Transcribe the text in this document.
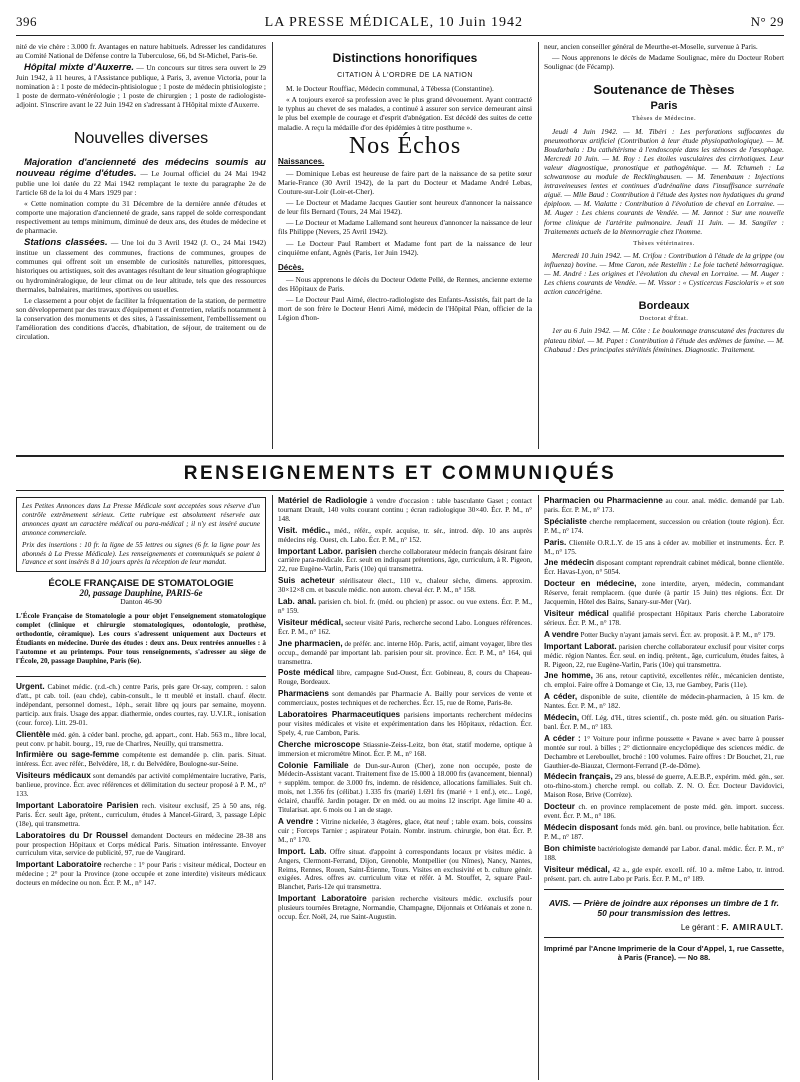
396	LA PRESSE MÉDICALE, 10 Juin 1942	N° 29

nité de vie chère : 3.000 fr. Avantages en nature habituels. Adresser les candidatures au Comité National de Défense contre la Tuberculose, 66, bd St-Michel, Paris-6e.

Hôpital mixte d'Auxerre. — Un concours sur titres sera ouvert le 29 Juin 1942, à 11 heures, à l'Assistance publique, à Paris, 3, avenue Victoria, pour la nomination à : 1 poste de médecin-phtisiologue ; 1 poste de médecin phtisiologiste ; 1 poste de dermato-vénéréologie ; 1 poste de chirurgien ; 1 poste de radiologiste-adjoint. S'inscrire avant le 22 Juin 1942 en s'adressant à l'Hôpital mixte d'Auxerre.

Nouvelles diverses

Majoration d'ancienneté des médecins soumis au nouveau régime d'études. — Le Journal officiel du 24 Mai 1942 publie une loi datée du 22 Mai 1942 remplaçant le texte du paragraphe 2e de l'article 68 de la loi du 4 Mars 1929 par :

« Cette nomination compte du 31 Décembre de la dernière année d'études et comporte une majoration d'ancienneté de grade, sans rappel de solde correspondant respectivement au temps minimum, diminué de deux ans, des études de médecine et de pharmacie.

Stations classées. — Une loi du 3 Avril 1942 (J. O., 24 Mai 1942) institue un classement des communes, fractions de communes, groupes de communes qui offrent soit un ensemble de curiosités naturelles, pittoresques, historiques ou artistiques, soit des avantages résultant de leur situation géographique ou hydrominéralogique, de leur climat ou de leur altitude, tels que des ressources thermales, balnéaires, maritimes, sportives ou usuelles.

Le classement a pour objet de faciliter la fréquentation de la station, de permettre son développement par des travaux d'équipement et d'entretien, relatifs notamment à la conservation des monuments et des sites, à l'assainissement, l'embellissement ou l'amélioration des conditions d'accès, d'habitation, de séjour, de traitement ou de circulation.

Distinctions honorifiques
CITATION À L'ORDRE DE LA NATION

M. le Docteur Rouffiac, Médecin communal, à Tébessa (Constantine).

« A toujours exercé sa profession avec le plus grand dévouement. Ayant contracté le typhus au chevet de ses malades, a continué à assurer son service demeurant ainsi le plus bel exemple de courage et d'esprit d'abnégation. Est décédé des suites de cette maladie. A reçu la médaille d'or des épidémies à titre posthume ».

Nos Échos
Naissances.

— Dominique Lebas est heureuse de faire part de la naissance de sa petite sœur Marie-France (30 Avril 1942), de la part du Docteur et Madame André Lebas, Couture-sur-Loir (Loir-et-Cher).

— Le Docteur et Madame Jacques Gautier sont heureux d'annoncer la naissance de leur fils Bernard (Tours, 24 Mai 1942).

— Le Docteur et Madame Lallemand sont heureux d'annoncer la naissance de leur fils Philippe (Nevers, 25 Avril 1942).

— Le Docteur Paul Rambert et Madame font part de la naissance de leur cinquième enfant, Agnès (Paris, 1er Juin 1942).

Décès.

— Nous apprenons le décès du Docteur Odette Pellé, de Rennes, ancienne externe des Hôpitaux de Paris.

— Le Docteur Paul Aimé, électro-radiologiste des Enfants-Assistés, fait part de la mort de son frère le Docteur Henri Aimé, médecin de l'Hôpital Péan, officier de la Légion d'hon-

neur, ancien conseiller général de Meurthe-et-Moselle, survenue à Paris.

— Nous apprenons le décès de Madame Soulignac, mère du Docteur Robert Soulignac (de Fécamp).

Soutenance de Thèses
Paris
Thèses de Médecine.

Jeudi 4 Juin 1942. — M. Tibéri : Les perforations suffocantes du pneumothorax artificiel (Contribution à leur étude physiopathologique). — M. Boudarbala : Du cathétérisme à l'endoscopie dans les sténoses de l'œsophage. Mercredi 10 Juin. — M. Roy : Les étoiles vasculaires des cirrhotiques. Leur valeur diagnostique, pronostique et pathogénique. — M. Tchumeh : La schwannose au module de Recklinghausen. — M. Tenenbaum : Injections intraveineuses lentes et continues d'adrénaline dans l'insuffisance surrénale aiguë. — Mlle Baud : Contribution à l'étude des kystes non hydatiques du grand épiploon. — M. Vialatte : Contribution à l'évolution de cheval en Lorraine. — M. Auger : Les chiens courants de Vendée. — M. Jannot : Sur une nouvelle forme clinique de l'artérite pulmonaire. Jeudi 11 Juin. — M. Sangiler : Traitements actuels de la blennorragie chez l'homme.

Thèses vétérinaires.

Mercredi 10 Juin 1942. — M. Crifou : Contribution à l'étude de la grippe (ou influenza) bovine. — Mme Caron, née Restellin : Le foie tacheté hémorragique. — M. André : Les origines et l'évolution du cheval en Lorraine. — M. Auger : Les chiens courants de Vendée. — M. Vissor : « Cysticercus Fasciolaris » et son action cancérigène.

Bordeaux
Doctorat d'État.

1er au 6 Juin 1942. — M. Côte : Le boulonnage transcutané des fractures du plateau tibial. — M. Papet : Contribution à l'étude des œdèmes de famine. — M. Chabaud : Des principales stérilités féminines. Diagnostic. Traitement.

RENSEIGNEMENTS ET COMMUNIQUÉS

Les Petites Annonces dans La Presse Médicale sont acceptées sous réserve d'un contrôle extrêmement sérieux. Cette rubrique est absolument réservée aux annonces ayant un caractère médical ou para-médical ; il n'y est inséré aucune annonce commerciale.

Prix des insertions : 10 fr. la ligne de 55 lettres ou signes (6 fr. la ligne pour les abonnés à La Presse Médicale). Les renseignements et communiqués se paient à l'avance et sont insérés 8 à 10 jours après la réception de leur mandat.

ÉCOLE FRANÇAISE DE STOMATOLOGIE
20, passage Dauphine, PARIS-6e
Danton 46-90

L'École Française de Stomatologie a pour objet l'enseignement stomatologique complet (clinique et chirurgie stomatologiques, odontologie, prothèse, orthodontie, céramique). Les cours s'adressent uniquement aux Docteurs et Étudiants en médecine. Durée des études : deux ans. Deux rentrées annuelles : à l'automne et au printemps. Pour tous renseignements, s'adresser au siège de l'École, 20, passage Dauphine, Paris (6e).

Urgent. Cabinet médic. (r.d.-ch.) centre Paris, près gare Or-say, compren. : salon d'att., pt cab. toil. (eau chde), cabin-consult., le tt meublé et install. chauf. électr. indépendant, personnel domest., 1éph., serait libre qq jours par semaine, moyenn. particip. aux frais. Usage des appar. diathermie, ondes courtes, ray. U.V.I.R., ionisation (cour. force). Litt. 29-01.

Clientèle méd. gén. à céder banl. proche, gd. appart., cont. Hab. 563 m., libre local, peut conv. pr habit. bourg., 19, rue de Charlres, Neuilly, qui transmettra.

Infirmière ou sage-femme compétente est demandée p. clin. paris. Situat. intéress. Écr. avec référ., Belvédère, 18, r. du Belvédère, Boulogne-sur-Seine.

Visiteurs médicaux sont demandés par activité complémentaire lucrative, Paris, banlieue, province. Écr. avec références et délimitation du secteur proposé à P. M., n° 133.

Important Laboratoire Parisien rech. visiteur exclusif, 25 à 50 ans, rég. Paris. Écr. seult âge, prétent., curriculum, études à Mancel-Girard, 3, passage Lépic (18e), qui transmettra.

Laboratoires du Dr Roussel demandent Docteurs en médecine 28-38 ans pour prospection Hôpitaux et Corps médical Paris. Situation intéressante. Envoyer curriculum vitæ, service de publicité, 97, rue de Vaugirard.

Important Laboratoire recherche : 1° pour Paris : visiteur médical, Docteur en médecine ; 2° pour la Province (zone occupée et zone interdite) visiteurs médicaux docteurs en médecine ou non. Écr. P. M., n° 147.

Matériel de Radiologie à vendre d'occasion : table basculante Gaset ; contact tournant Drault, 140 volts courant continu ; écran radiologique 30×40. Écr. P. M., n° 148.

Visit. médic., méd., référ., expér. acquise, tr. sér., introd. dép. 10 ans auprès médecins rég. Ouest, ch. Labo. Écr. P. M., n° 152.

Important Labor. parisien cherche collaborateur médecin français désirant faire carrière para-médicale. Écr. seult en indiquant prétentions, âge, curriculum, à R. Pigeon, 22, rue Eugène-Varlin, Paris (10e) qui transmettra.

Suis acheteur stérilisateur élect., 110 v., chaleur sèche, dimens. approxim. 30×12×8 cm. et bascule médic. non autom. cheval écr. P. M., n° 158.

Lab. anal. parisien ch. biol. fr. (méd. ou phcien) pr assoc. ou vue extens. Écr. P. M., n° 159.

Visiteur médical, secteur visité Paris, recherche second Labo. Longues références. Écr. P. M., n° 162.

Jne pharmacien, de préfér. anc. interne Hôp. Paris, actif, aimant voyager, libre tles occup., demandé par important lab. parisien pour sit. province. Écr. P. M., n° 164, qui transmettra.

Poste médical libre, campagne Sud-Ouest, Écr. Gobineau, 8, cours du Chapeau-Rouge, Bordeaux.

Pharmaciens sont demandés par Pharmacie A. Bailly pour services de vente et commerciaux, postes techniques et de recherches. Écr. 15, rue de Rome, Paris-8e.

Laboratoires Pharmaceutiques parisiens importants recherchent médecins pour visites médicales et visite et expérimentation dans les Hôpitaux, rédaction. Écr. Spely, 4, rue Cambon, Paris.

Cherche microscope Stiassnie-Zeiss-Leitz, bon état, statif moderne, optique à immersion et micrométre Minot. Écr. P. M., n° 168.

Colonie Familiale de Dun-sur-Auron (Cher), zone non occupée, poste de Médecin-Assistant vacant. Traitement fixe de 15.000 à 18.000 frs (avancement, biennal) + supplém. tempor. de 3.000 frs, indemn. de résidence, allocations familiales. Suit ch. mois, net 1.356 frs (célibat.) 1.335 frs (marié) 1.691 frs (marié + 1 enf.), etc... Logé, éclairé, chauffé. Jardin potager. Dr en méd. ou au moins 12 inscript. Age limite 40 a. Titularisat. apr. 6 mois ou 1 an de stage.

A vendre : Vitrine nickelée, 3 étagères, glace, état neuf ; table exam. bois, coussins cuir ; Forceps Tarnier ; aspirateur Potain. Nombr. instrum. chirurgie, bon état. Écr. P. M., n° 170.

Import. Lab. Offre situat. d'appoint à correspondants locaux pr visites médic. à Angers, Clermont-Ferrand, Dijon, Grenoble, Montpellier (ou Nîmes), Nancy, Nantes, Reims, Rennes, Rouen, Saint-Étienne, Tours. Visites en exclusivité et b. culture génér. exigées. Adres. offres av. curriculum vitæ et référ. à M. Stouffet, 2, square Paul-Blanchet, Paris-12e qui transmettra.

Important Laboratoire parisien recherche visiteurs médic. exclusifs pour plusieurs tournées Bretagne, Normandie, Champagne, Dijonnais et Orléanais et zone n. occup. Écr. Noël, 24, rue Saint-Augustin.

Pharmacien ou Pharmacienne au cour. anal. médic. demandé par Lab. paris. Écr. P. M., n° 173.

Spécialiste cherche remplacement, succession ou création (toute région). Écr. P. M., n° 174.

Paris. Clientèle O.R.L.Y. de 15 ans à céder av. mobilier et instruments. Écr. P. M., n° 175.

Jne médecin disposant comptant reprendrait cabinet médical, bonne clientèle. Écr. Havas-Lyon, n° 5054.

Docteur en médecine, zone interdite, aryen, médecin, commandant Réserve, ferait remplacem. (que durée (à partir 15 Juin) ttes régions. Écr. Dr Jacquemin, Hôtel des Bains, Sanary-sur-Mer (Var).

Visiteur médical qualifié prospectant Hôpitaux Paris cherche Laboratoire sérieux. Écr. P. M., n° 178.

A vendre Potter Bucky n'ayant jamais servi. Écr. av. proposit. à P. M., n° 179.

Important Laborat. parisien cherche collaborateur exclusif pour visiter corps médic. région Nantes. Écr. seul. en indiq. prétent., âge, curriculum, études faites, à R. Pigeon, 22, rue Eugène-Varlin, Paris (10e) qui transmettra.

Jne homme, 36 ans, retour captivité, excellentes référ., mécanicien dentiste, ch. emploi. Faire offre à Domange et Cie, 13, rue Gambey, Paris (11e).

A céder, disponible de suite, clientèle de médecin-pharmacien, à 15 km. de Nantes. Écr. P. M., n° 182.

Médecin, Off. Lég. d'H., titres scientif., ch. poste méd. gén. ou situation Paris-banl. Écr. P. M., n° 183.

A céder : 1° Voiture pour infirme poussette « Pavane » avec barre à pousser montée sur roul. à billes ; 2° dictionnaire encyclopédique des sciences médic. de Dechambre et Lereboullet, broché : 100 volumes. Faire offres : Dr Bouchet, 21, rue Gauthier-de-Biauzat, Clermont-Ferrand (P.-de-Dôme).

Médecin français, 29 ans, blessé de guerre, A.E.B.P., expérim. méd. gén., ser. oto-rhino-stom.) cherche rempl. ou collab. Z. N. O. Écr. Docteur Davidovici, Maison Rose, Brive (Corrèze).

Docteur ch. en province remplacement de poste méd. gén. import. success. event. Écr. P. M., n° 186.

Médecin disposant fonds méd. gén. banl. ou province, belle habitation. Écr. P. M., n° 187.

Bon chimiste bactériologiste demandé par Labor. d'anal. médic. Écr. P. M., n° 188.

Visiteur médical, 42 a., gde expér. excell. réf. 10 a. même Labo, tr. introd. présent. part. ch. autre Labo pr Paris. Écr. P. M., n° 189.

AVIS. — Prière de joindre aux réponses un timbre de 1 fr. 50 pour transmission des lettres.
Le gérant : F. AMIRAULT.
Imprimé par l'Ancne Imprimerie de la Cour d'Appel, 1, rue Cassette, à Paris (France). — No 88.
